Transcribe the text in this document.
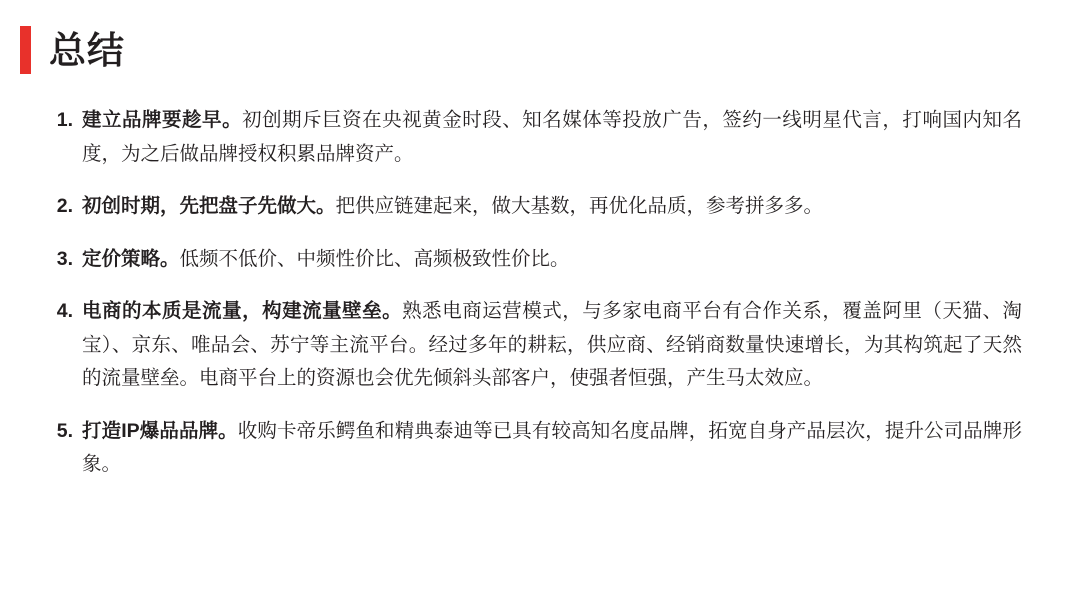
总结
建立品牌要趁早。初创期斥巨资在央视黄金时段、知名媒体等投放广告，签约一线明星代言，打响国内知名度，为之后做品牌授权积累品牌资产。
初创时期，先把盘子先做大。把供应链建起来，做大基数，再优化品质，参考拼多多。
定价策略。低频不低价、中频性价比、高频极致性价比。
电商的本质是流量，构建流量壁垒。熟悉电商运营模式，与多家电商平台有合作关系，覆盖阿里（天猫、淘宝）、京东、唯品会、苏宁等主流平台。经过多年的耕耘，供应商、经销商数量快速增长，为其构筑起了天然的流量壁垒。电商平台上的资源也会优先倾斜头部客户，使强者恒强，产生马太效应。
打造IP爆品品牌。收购卡帝乐鳄鱼和精典泰迪等已具有较高知名度品牌，拓宽自身产品层次，提升公司品牌形象。
